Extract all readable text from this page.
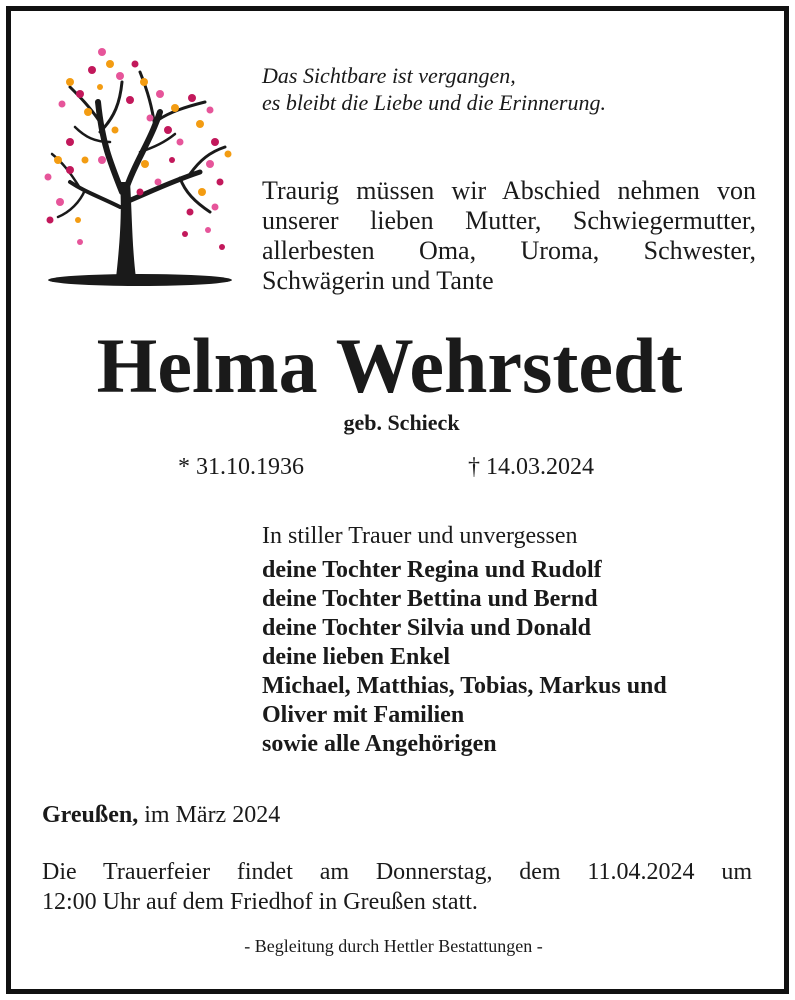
Das Sichtbare ist vergangen,
es bleibt die Liebe und die Erinnerung.
Traurig müssen wir Abschied nehmen von
unserer lieben Mutter, Schwiegermutter,
allerbesten Oma, Uroma, Schwester,
Schwägerin und Tante
Helma Wehrstedt
geb. Schieck
* 31.10.1936	† 14.03.2024
In stiller Trauer und unvergessen
deine Tochter Regina und Rudolf
deine Tochter Bettina und Bernd
deine Tochter Silvia und Donald
deine lieben Enkel
Michael, Matthias, Tobias, Markus und
Oliver mit Familien
sowie alle Angehörigen
Greußen, im März 2024
Die Trauerfeier findet am Donnerstag, dem 11.04.2024 um
12:00 Uhr auf dem Friedhof in Greußen statt.
- Begleitung durch Hettler Bestattungen -
